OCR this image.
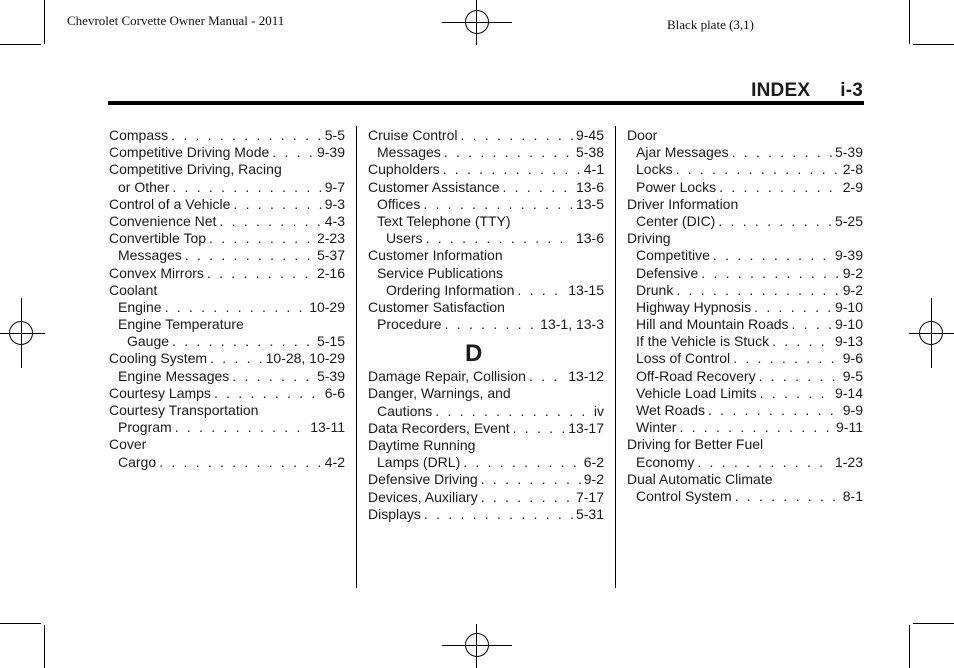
Chevrolet Corvette Owner Manual - 2011	Black plate (3,1)
INDEX i-3
Compass . . .	5-5
Competitive Driving Mode . . .	9-39
Competitive Driving, Racing
or Other . . .	9-7
Control of a Vehicle . . .	9-3
Convenience Net . . .	4-3
Convertible Top . . .	2-23
Messages . . .	5-37
Convex Mirrors . . .	2-16
Coolant
Engine . . .	10-29
Engine Temperature
Gauge . . .	5-15
Cooling System . . .	10-28, 10-29
Engine Messages . . .	5-39
Courtesy Lamps . . .	6-6
Courtesy Transportation
Program . . .	13-11
Cover
Cargo . . .	4-2
Cruise Control . . .	9-45
Messages . . .	5-38
Cupholders . . .	4-1
Customer Assistance . . .	13-6
Offices . . .	13-5
Text Telephone (TTY)
Users . . .	13-6
Customer Information
Service Publications
Ordering Information . . .	13-15
Customer Satisfaction
Procedure . . .	13-1, 13-3
D
Damage Repair, Collision . . .	13-12
Danger, Warnings, and
Cautions . . .	iv
Data Recorders, Event . . .	13-17
Daytime Running
Lamps (DRL) . . .	6-2
Defensive Driving . . .	9-2
Devices, Auxiliary . . .	7-17
Displays . . .	5-31
Door
Ajar Messages . . .	5-39
Locks . . .	2-8
Power Locks . . .	2-9
Driver Information
Center (DIC) . . .	5-25
Driving
Competitive . . .	9-39
Defensive . . .	9-2
Drunk . . .	9-2
Highway Hypnosis . . .	9-10
Hill and Mountain Roads . . .	9-10
If the Vehicle is Stuck . . .	9-13
Loss of Control . . .	9-6
Off-Road Recovery . . .	9-5
Vehicle Load Limits . . .	9-14
Wet Roads . . .	9-9
Winter . . .	9-11
Driving for Better Fuel
Economy . . .	1-23
Dual Automatic Climate
Control System . . .	8-1
